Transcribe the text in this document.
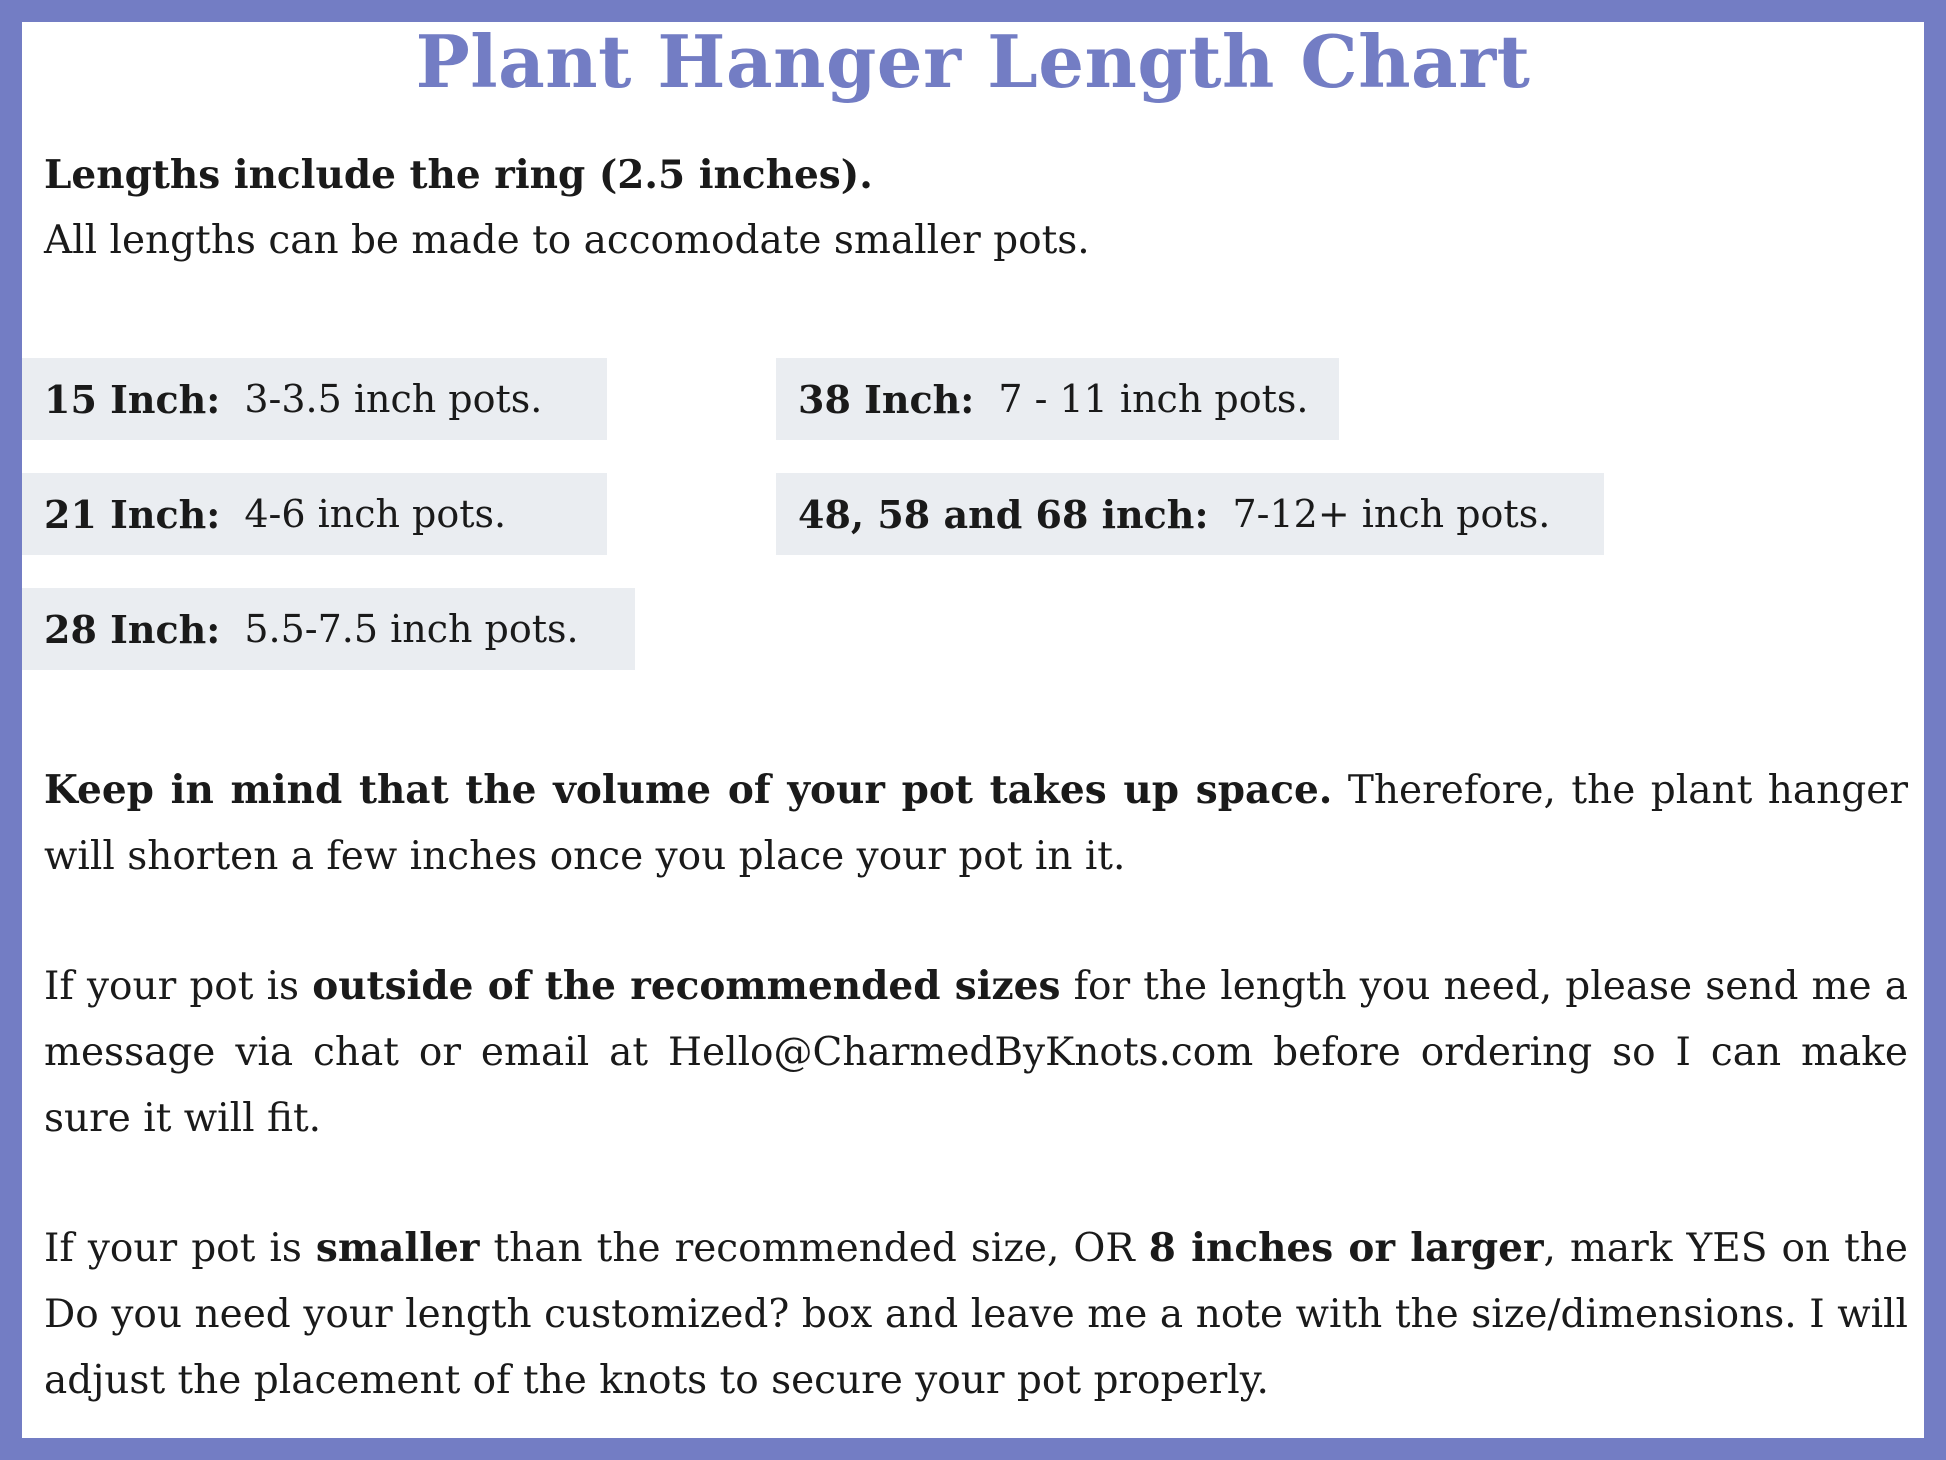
Plant Hanger Length Chart
Lengths include the ring (2.5 inches).
All lengths can be made to accomodate smaller pots.
15 Inch: 3-3.5 inch pots.
21 Inch: 4-6 inch pots.
28 Inch: 5.5-7.5 inch pots.
38 Inch: 7 - 11 inch pots.
48, 58 and 68 inch: 7-12+ inch pots.
Keep in mind that the volume of your pot takes up space. Therefore, the plant hanger will shorten a few inches once you place your pot in it.
If your pot is outside of the recommended sizes for the length you need, please send me a message via chat or email at Hello@CharmedByKnots.com before ordering so I can make sure it will fit.
If your pot is smaller than the recommended size, OR 8 inches or larger, mark YES on the Do you need your length customized? box and leave me a note with the size/dimensions. I will adjust the placement of the knots to secure your pot properly.
